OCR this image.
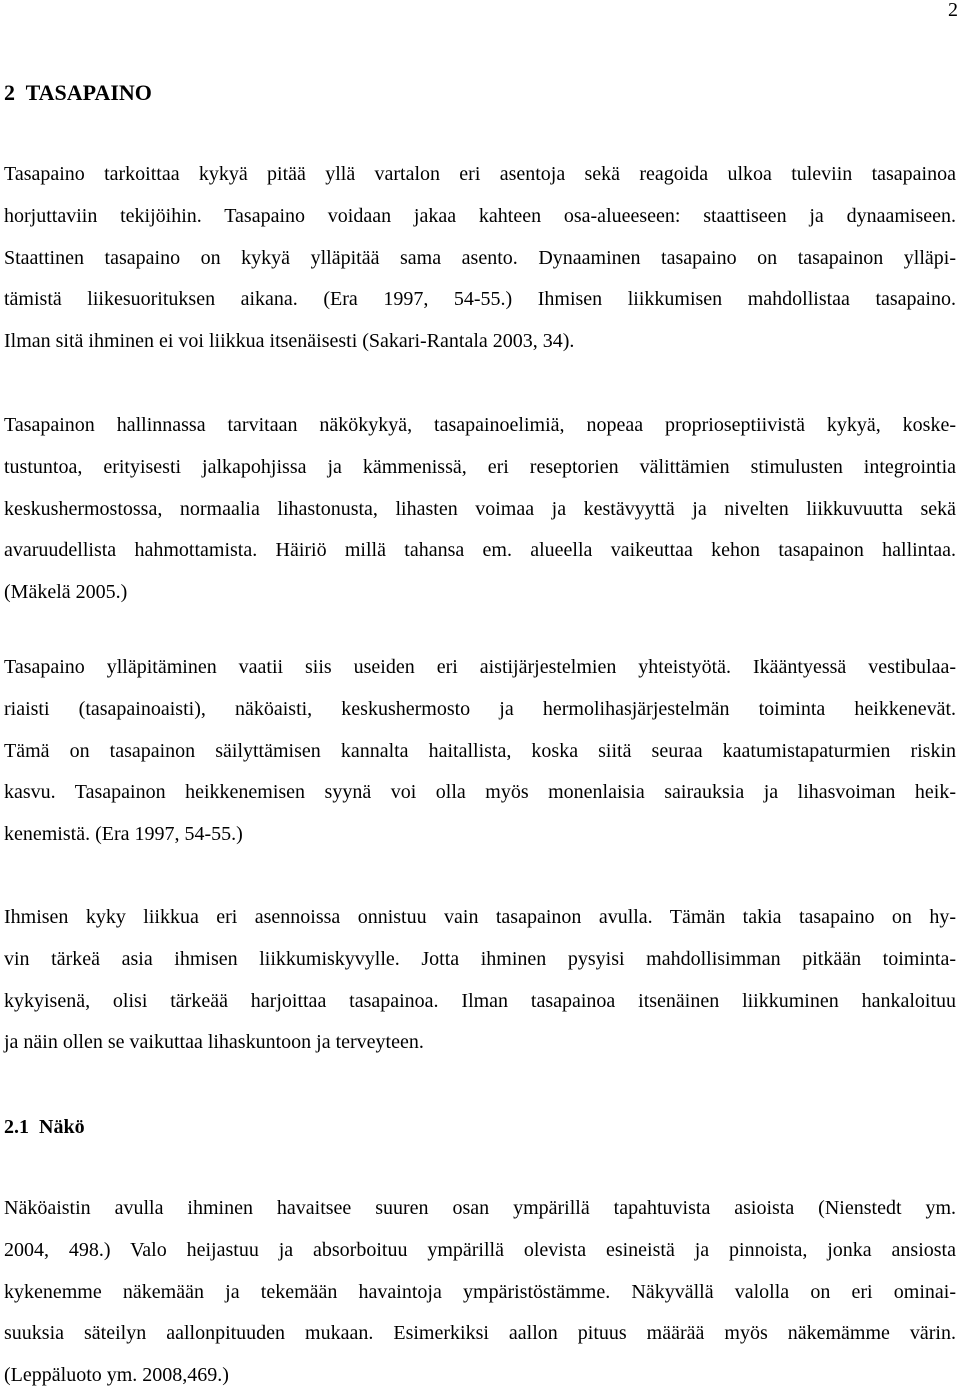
2
2  TASAPAINO
Tasapaino tarkoittaa kykyä pitää yllä vartalon eri asentoja sekä reagoida ulkoa tuleviin tasapainoa
horjuttaviin tekijöihin. Tasapaino voidaan jakaa kahteen osa-alueeseen: staattiseen ja dynaamiseen.
Staattinen tasapaino on kykyä ylläpitää sama asento. Dynaaminen tasapaino on tasapainon ylläpi-
tämistä liikesuorituksen aikana. (Era 1997, 54-55.) Ihmisen liikkumisen mahdollistaa tasapaino.
Ilman sitä ihminen ei voi liikkua itsenäisesti (Sakari-Rantala 2003, 34).
Tasapainon hallinnassa tarvitaan näkökykyä, tasapainoelimiä, nopeaa proprioseptiivistä kykyä, koske-
tustuntoa, erityisesti jalkapohjissa ja kämmenissä, eri reseptorien välittämien stimulusten integrointia
keskushermostossa, normaalia lihastonusta, lihasten voimaa ja kestävyyttä ja nivelten liikkuvuutta sekä
avaruudellista hahmottamista. Häiriö millä tahansa em. alueella vaikeuttaa kehon tasapainon hallintaa.
(Mäkelä 2005.)
Tasapaino ylläpitäminen vaatii siis useiden eri aistijärjestelmien yhteistyötä. Ikääntyessä vestibulaa-
riaisti (tasapainoaisti), näköaisti, keskushermosto ja hermolihasjärjestelmän toiminta heikkenevät.
Tämä on tasapainon säilyttämisen kannalta haitallista, koska siitä seuraa kaatumistapaturmien riskin
kasvu. Tasapainon heikkenemisen syynä voi olla myös monenlaisia sairauksia ja lihasvoiman heik-
kenemistä. (Era 1997, 54-55.)
Ihmisen kyky liikkua eri asennoissa onnistuu vain tasapainon avulla. Tämän takia tasapaino on hy-
vin tärkeä asia ihmisen liikkumiskyvylle. Jotta ihminen pysyisi mahdollisimman pitkään toiminta-
kykyisenä, olisi tärkeää harjoittaa tasapainoa. Ilman tasapainoa itsenäinen liikkuminen hankaloituu
ja näin ollen se vaikuttaa lihaskuntoon ja terveyteen.
2.1  Näkö
Näköaistin avulla ihminen havaitsee suuren osan ympärillä tapahtuvista asioista (Nienstedt ym.
2004, 498.) Valo heijastuu ja absorboituu ympärillä olevista esineistä ja pinnoista, jonka ansiosta
kykenemme näkemään ja tekemään havaintoja ympäristöstämme. Näkyvällä valolla on eri ominai-
suuksia säteilyn aallonpituuden mukaan. Esimerkiksi aallon pituus määrää myös näkemämme värin.
(Leppäluoto ym. 2008,469.)
